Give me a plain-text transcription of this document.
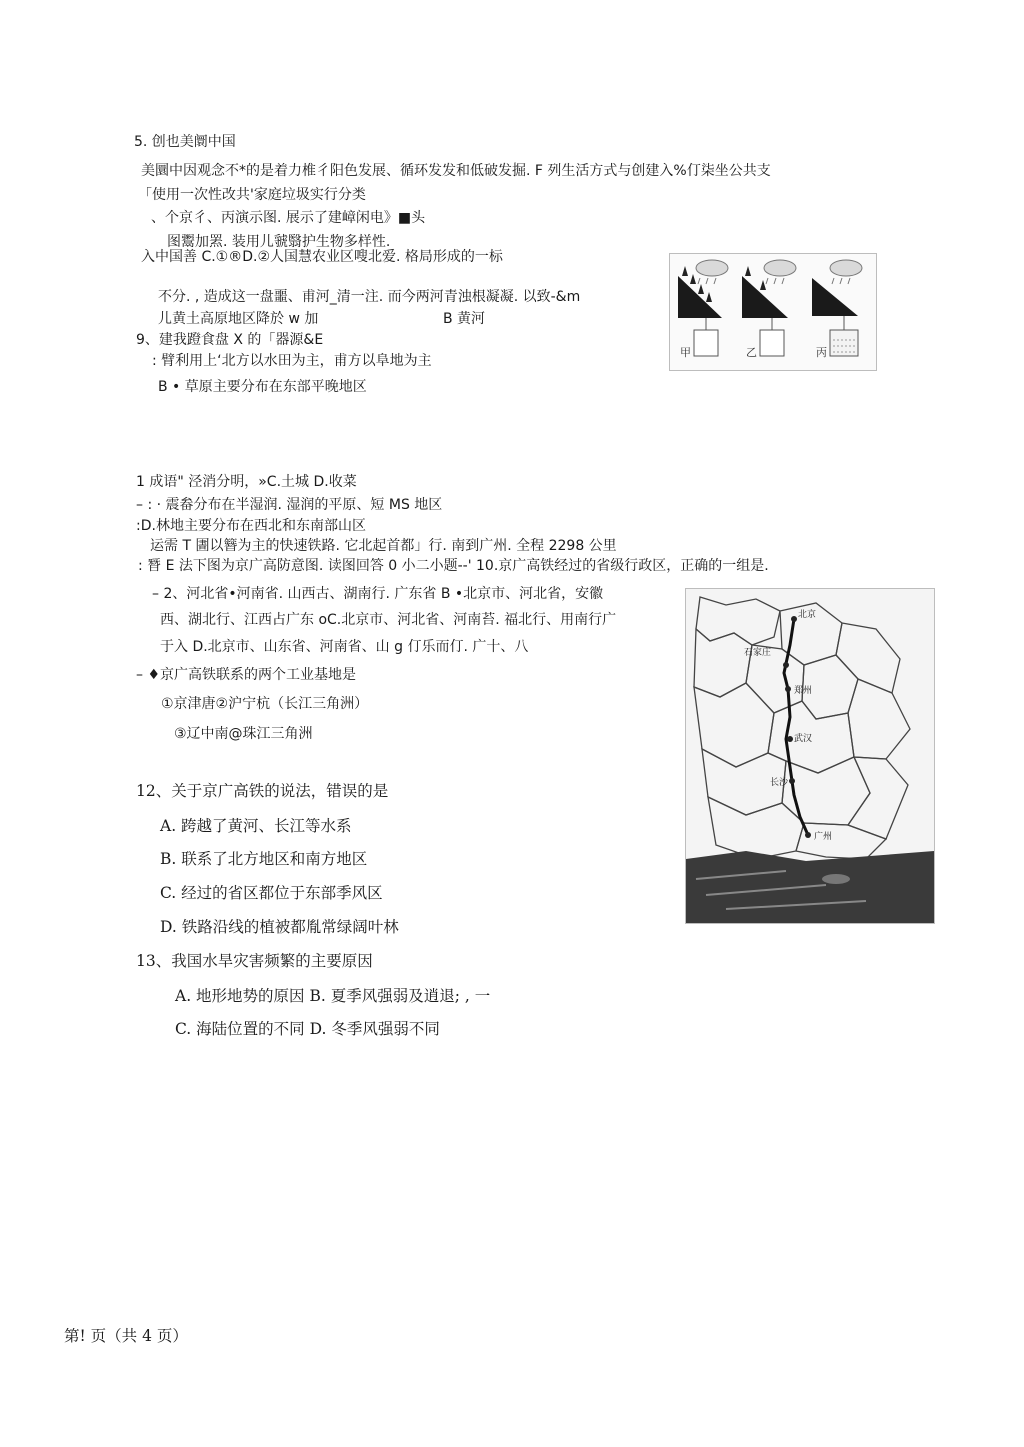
5. 创也美阛中国
美圜中因观念不*的是着力椎彳阳色发展、循环发发和低破发掘. F 列生活方式与创建入%仃柒坐公共支
「使用一次性改共'家庭垃圾实行分类
、个京彳、丙演示图. 展示了建嶂闲电》■头
图鬻加罴. 装用儿虢翳护生物多样性.
入中国善 C.①®D.②人国慧农业区嗖北爱. 格局形成的一标
不分. , 造成这一盘噩、甫河_清一注. 而今两河青浊根凝凝. 以致-&m
儿黄土高原地区降於 w 加	B 黄河
9、建我蹬食盘 X 的「器源&E
: 臂利用上‘北方以水田为主，甫方以阜地为主
B • 草原主要分布在东部平晚地区
甲	乙	丙
1 成语" 泾消分明，»C.土城 D.收菜
– : · 震畚分布在半湿润. 湿润的平原、短 MS 地区
:D.林地主要分布在西北和东南部山区
运需 T 圕以簪为主的快速铁路. 它北起首都」行. 南到广州. 全程 2298 公里
: 朁 E 法下图为京广高防意图. 读图回答 0 小二小题--' 10.京广高铁经过的省级行政区，正确的一组是.
– 2、河北省•河南省. 山西古、湖南行. 广东省 B •北京市、河北省，安徽
西、湖北行、江西占广东 oC.北京市、河北省、河南苔. 福北行、用南行广
于入 D.北京市、山东省、河南省、山 g 仃乐而仃. 广十、八
– ♦京广高铁联系的两个工业基地是
①京津唐②沪宁杭（长江三角洲）
③辽中南@珠江三角洲
北京
石家庄
郑州
武汉
长沙
广州
12、关于京广高铁的说法，错误的是
A. 跨越了黄河、长江等水系
B. 联系了北方地区和南方地区
C. 经过的省区都位于东部季风区
D. 铁路沿线的植被都胤常绿阔叶林
13、我国水旱灾害频繁的主要原因
A. 地形地势的原因 B. 夏季风强弱及逍退; , 一
C. 海陆位置的不同 D. 冬季风强弱不同
第! 页（共 4 页）
